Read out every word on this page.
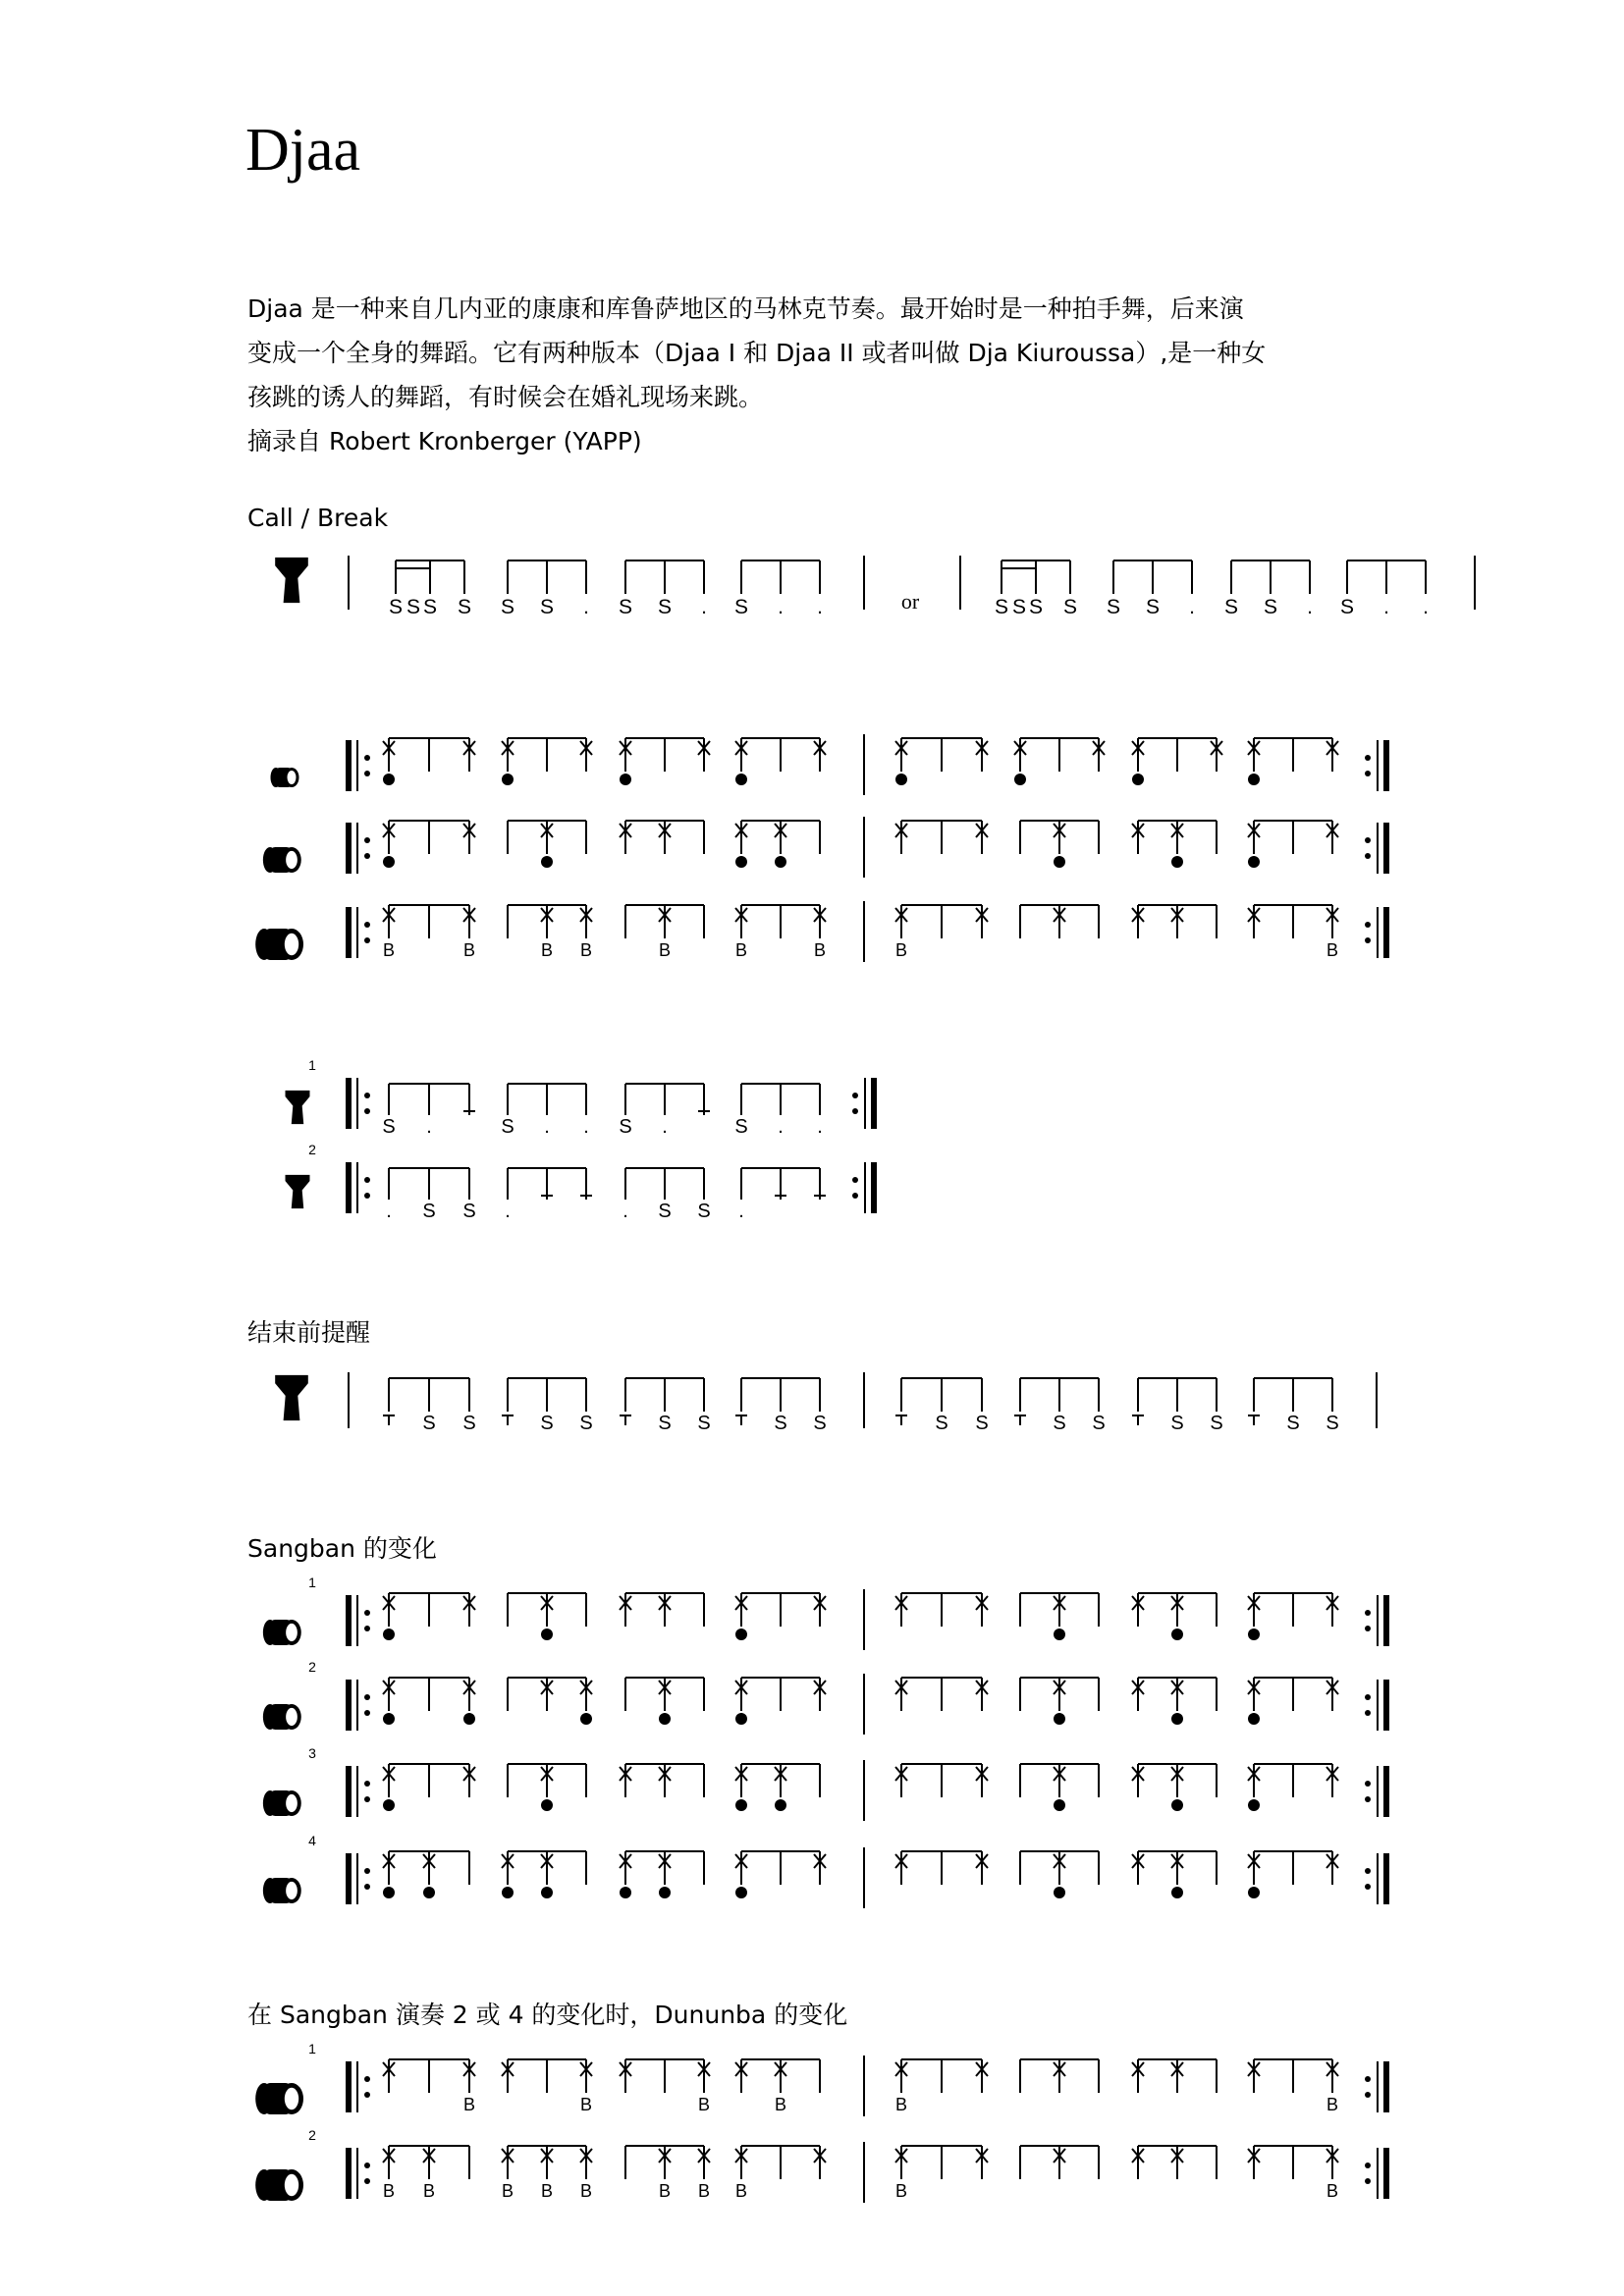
Djaa
Djaa 是一种来自几内亚的康康和库鲁萨地区的马林克节奏。最开始时是一种拍手舞，后来演
变成一个全身的舞蹈。它有两种版本（Djaa I 和 Djaa II 或者叫做 Dja Kiuroussa）,是一种女
孩跳的诱人的舞蹈，有时候会在婚礼现场来跳。
摘录自 Robert Kronberger (YAPP)
Call / Break
结束前提醒
Sangban 的变化
在 Sangban 演奏 2 或 4 的变化时，Dununba 的变化
or
S S S S S S . S S . S . .	S S S S S S . S S . S . .
B	B	B B	B	B	B	B	B
1
S .	S . . S .	S . .
2
. S S .	. S S .
S S	S S	S S	S S	S S	S S	S S	S S
1
2
3
4
1
B	B	B	B	B	B
2
B B	B B B	B B B	B	B
